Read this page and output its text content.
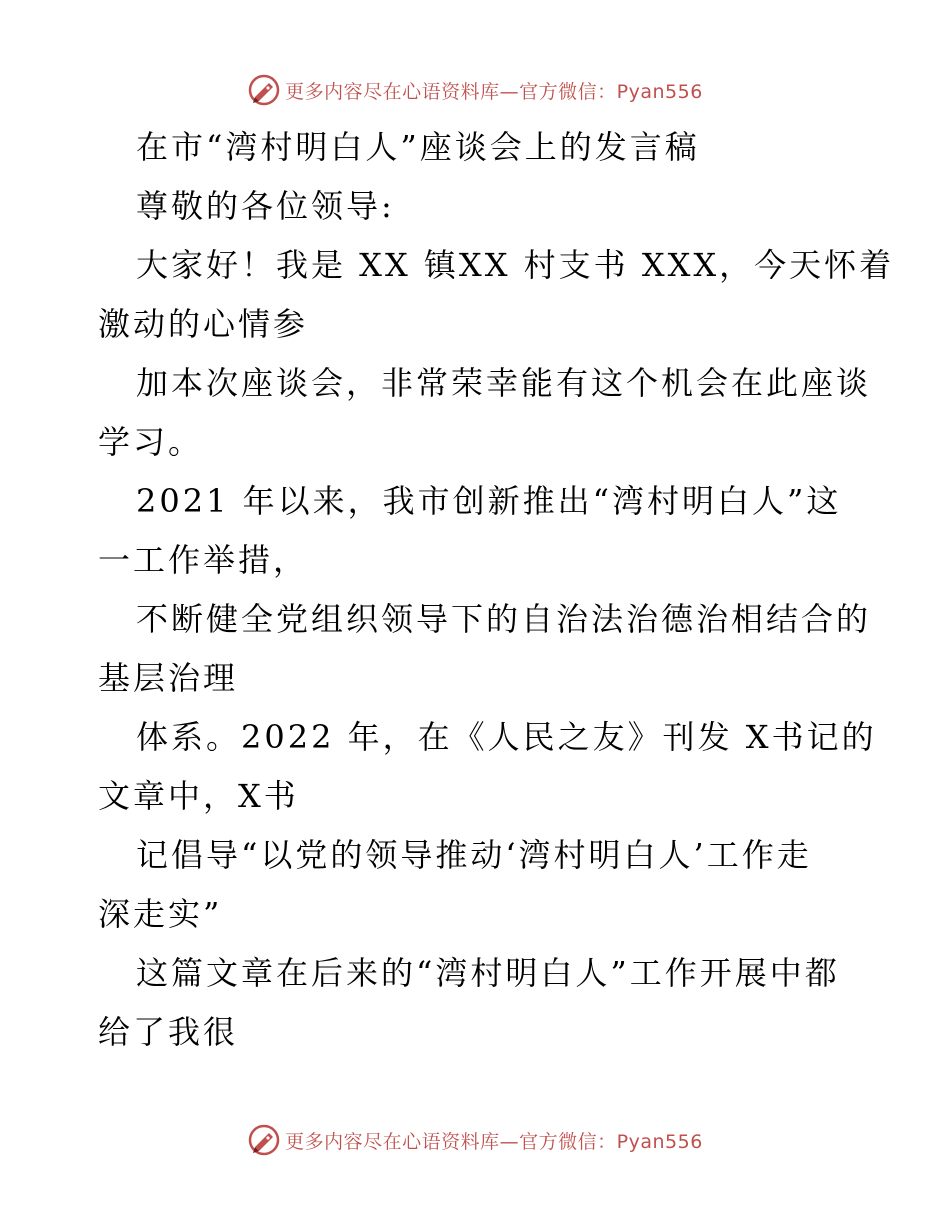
更多内容尽在心语资料库—官方微信：Pyan556
在市“湾村明白人”座谈会上的发言稿
尊敬的各位领导:
大家好！我是 XX 镇XX 村支书 XXX，今天怀着
激动的心情参
加本次座谈会，非常荣幸能有这个机会在此座谈
学习。
2021 年以来，我市创新推出“湾村明白人”这
一工作举措，
不断健全党组织领导下的自治法治德治相结合的
基层治理
体系。2022 年，在《人民之友》刊发 X书记的
文章中，X书
记倡导“以党的领导推动‘湾村明白人’工作走
深走实”
这篇文章在后来的“湾村明白人”工作开展中都
给了我很
更多内容尽在心语资料库—官方微信：Pyan556
